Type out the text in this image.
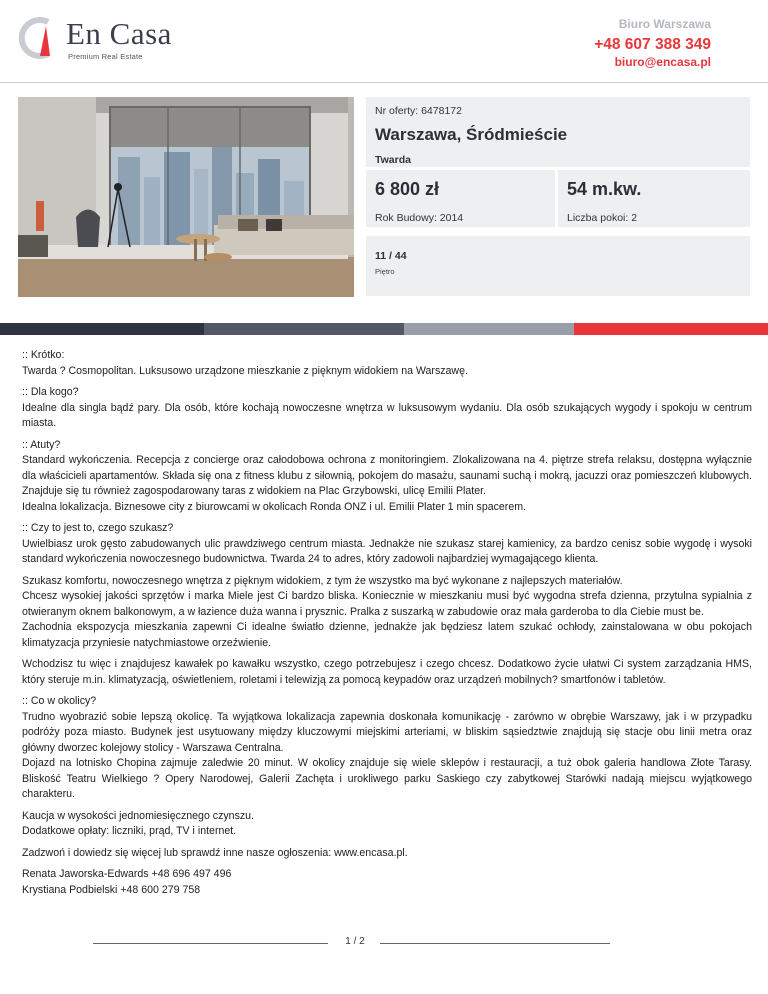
En Casa
Premium Real Estate
Biuro Warszawa
+48 607 388 349
biuro@encasa.pl
Nr oferty: 6478172
Warszawa, Śródmieście
Twarda
6 800 zł
Rok Budowy: 2014
54 m.kw.
Liczba pokoi: 2
11 / 44
Piętro

:: Krótko:

Twarda ? Cosmopolitan. Luksusowo urządzone mieszkanie z pięknym widokiem na Warszawę.

:: Dla kogo?

Idealne dla singla bądź pary. Dla osób, które kochają nowoczesne wnętrza w luksusowym wydaniu. Dla osób szukających wygody i spokoju w centrum miasta.

:: Atuty?

Standard wykończenia. Recepcja z concierge oraz całodobowa ochrona z monitoringiem. Zlokalizowana na 4. piętrze strefa relaksu, dostępna wyłącznie dla właścicieli apartamentów. Składa się ona z fitness klubu z siłownią, pokojem do masażu, saunami suchą i mokrą, jacuzzi oraz pomieszczeń klubowych. Znajduje się tu również zagospodarowany taras z widokiem na Plac Grzybowski, ulicę Emilii Plater.

Idealna lokalizacja. Biznesowe city z biurowcami w okolicach Ronda ONZ i ul. Emilii Plater 1 min spacerem.

:: Czy to jest to, czego szukasz?

Uwielbiasz urok gęsto zabudowanych ulic prawdziwego centrum miasta. Jednakże nie szukasz starej kamienicy, za bardzo cenisz sobie wygodę i wysoki standard wykończenia nowoczesnego budownictwa. Twarda 24 to adres, który zadowoli najbardziej wymagającego klienta.

Szukasz komfortu, nowoczesnego wnętrza z pięknym widokiem, z tym że wszystko ma być wykonane z najlepszych materiałów.

Chcesz wysokiej jakości sprzętów i marka Miele jest Ci bardzo bliska. Koniecznie w mieszkaniu musi być wygodna strefa dzienna, przytulna sypialnia z otwieranym oknem balkonowym, a w łazience duża wanna i prysznic. Pralka z suszarką w zabudowie oraz mała garderoba to dla Ciebie must be.

Zachodnia ekspozycja mieszkania zapewni Ci idealne światło dzienne, jednakże jak będziesz latem szukać ochłody, zainstalowana w obu pokojach klimatyzacja przyniesie natychmiastowe orzeźwienie.

Wchodzisz tu więc i znajdujesz kawałek po kawałku wszystko, czego potrzebujesz i czego chcesz. Dodatkowo życie ułatwi Ci system zarządzania HMS, który steruje m.in. klimatyzacją, oświetleniem, roletami i telewizją za pomocą keypadów oraz urządzeń mobilnych? smartfonów i tabletów.

:: Co w okolicy?

Trudno wyobrazić sobie lepszą okolicę. Ta wyjątkowa lokalizacja zapewnia doskonała komunikację - zarówno w obrębie Warszawy, jak i w przypadku podróży poza miasto. Budynek jest usytuowany między kluczowymi miejskimi arteriami, w bliskim sąsiedztwie znajdują się stacje obu linii metra oraz główny dworzec kolejowy stolicy - Warszawa Centralna.

Dojazd na lotnisko Chopina zajmuje zaledwie 20 minut. W okolicy znajduje się wiele sklepów i restauracji, a tuż obok galeria handlowa Złote Tarasy. Bliskość Teatru Wielkiego ? Opery Narodowej, Galerii Zachęta i urokliwego parku Saskiego czy zabytkowej Starówki nadają miejscu wyjątkowego charakteru.

Kaucja w wysokości jednomiesięcznego czynszu.

Dodatkowe opłaty: liczniki, prąd, TV i internet.

Zadzwoń i dowiedz się więcej lub sprawdź inne nasze ogłoszenia: www.encasa.pl.

Renata Jaworska-Edwards +48 696 497 496

Krystiana Podbielski +48 600 279 758

1 / 2
